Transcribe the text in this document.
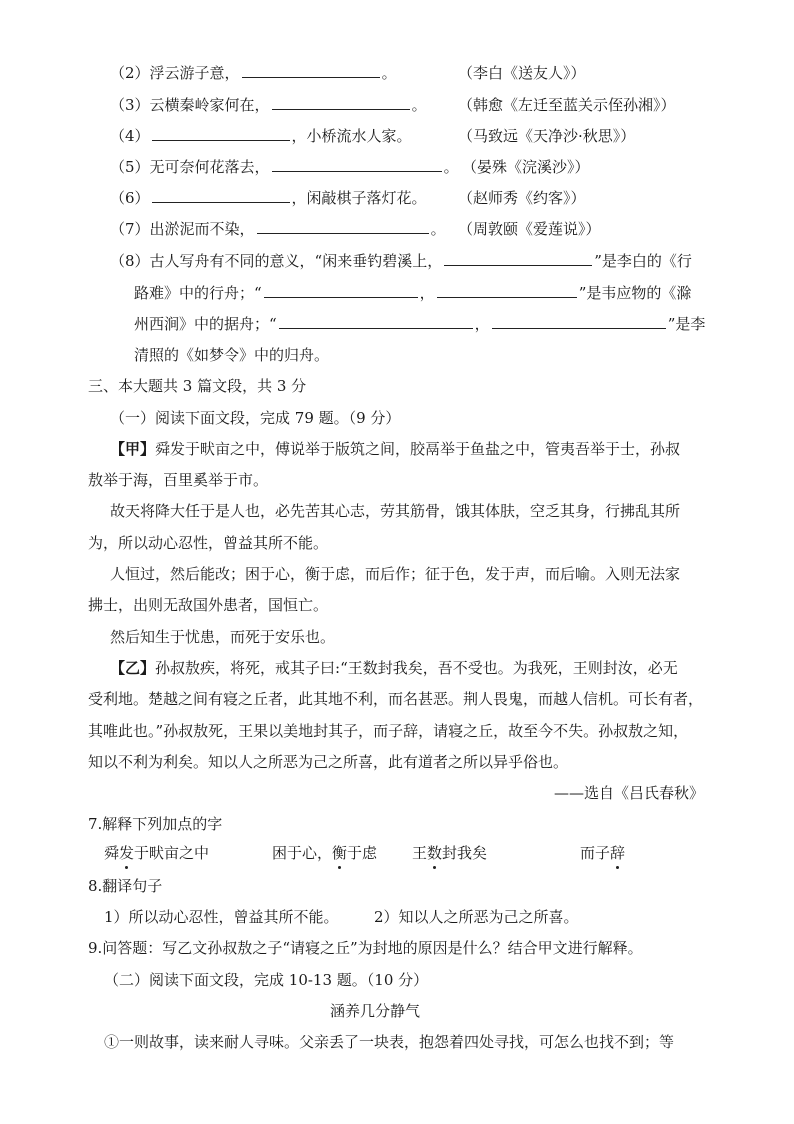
（2）浮云游子意，	。	（李白《送友人》）
（3）云横秦岭家何在，	。 （韩愈《左迁至蓝关示侄孙湘》）
（4）	，小桥流水人家。	（马致远《天净沙·秋思》）
（5）无可奈何花落去，	。 （晏殊《浣溪沙》）
（6）	，闲敲棋子落灯花。 （赵师秀《约客》）
（7）出淤泥而不染，	。 （周敦颐《爱莲说》）
（8）古人写舟有不同的意义，“闲来垂钓碧溪上，	”是李白的《行
路难》中的行舟；“	，	”是韦应物的《滁
州西涧》中的据舟；“	，	”是李
清照的《如梦令》中的归舟。
三、本大题共 3 篇文段，共 3 分
（一）阅读下面文段，完成 79 题。（9 分）
【甲】舜发于畎亩之中，傅说举于版筑之间，胶鬲举于鱼盐之中，管夷吾举于士，孙叔
敖举于海，百里奚举于市。
故天将降大任于是人也，必先苦其心志，劳其筋骨，饿其体肤，空乏其身，行拂乱其所
为，所以动心忍性，曾益其所不能。
人恒过，然后能改；困于心，衡于虑，而后作；征于色，发于声，而后喻。入则无法家
拂士，出则无敌国外患者，国恒亡。
然后知生于忧患，而死于安乐也。
【乙】孙叔敖疾，将死，戒其子曰:“王数封我矣，吾不受也。为我死，王则封汝，必无
受利地。楚越之间有寝之丘者，此其地不利，而名甚恶。荆人畏鬼，而越人信机。可长有者，
其唯此也。”孙叔敖死，王果以美地封其子，而子辞，请寝之丘，故至今不失。孙叔敖之知，
知以不利为利矣。知以人之所恶为己之所喜，此有道者之所以异乎俗也。
——选自《吕氏春秋》
7.解释下列加点的字
舜发于畎亩之中	困于心，衡于虑 王数封我矣	而子辞
8.翻译句子
1）所以动心忍性，曾益其所不能。 2）知以人之所恶为己之所喜。
9.问答题：写乙文孙叔敖之子“请寝之丘”为封地的原因是什么？结合甲文进行解释。
（二）阅读下面文段，完成 10-13 题。（10 分）
涵养几分静气
①一则故事，读来耐人寻味。父亲丢了一块表，抱怨着四处寻找，可怎么也找不到；等
